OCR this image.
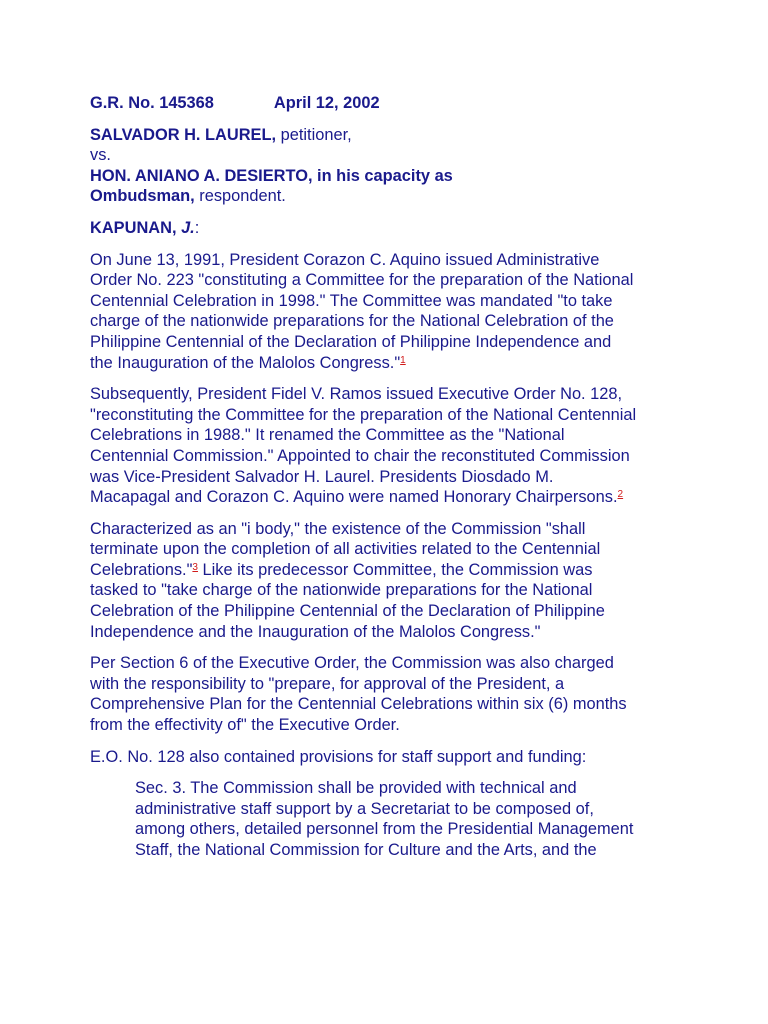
G.R. No. 145368	April 12, 2002
SALVADOR H. LAUREL, petitioner,
vs.
HON. ANIANO A. DESIERTO, in his capacity as
Ombudsman, respondent.
KAPUNAN, J.:

On June 13, 1991, President Corazon C. Aquino issued Administrative
Order No. 223 "constituting a Committee for the preparation of the National
Centennial Celebration in 1998." The Committee was mandated "to take
charge of the nationwide preparations for the National Celebration of the
Philippine Centennial of the Declaration of Philippine Independence and
the Inauguration of the Malolos Congress."$^1$

Subsequently, President Fidel V. Ramos issued Executive Order No. 128,
"reconstituting the Committee for the preparation of the National Centennial
Celebrations in 1988." It renamed the Committee as the "National
Centennial Commission." Appointed to chair the reconstituted Commission
was Vice-President Salvador H. Laurel. Presidents Diosdado M.
Macapagal and Corazon C. Aquino were named Honorary Chairpersons.$^2$

Characterized as an "i body," the existence of the Commission "shall
terminate upon the completion of all activities related to the Centennial
Celebrations."$^3$ Like its predecessor Committee, the Commission was
tasked to "take charge of the nationwide preparations for the National
Celebration of the Philippine Centennial of the Declaration of Philippine
Independence and the Inauguration of the Malolos Congress."

Per Section 6 of the Executive Order, the Commission was also charged
with the responsibility to "prepare, for approval of the President, a
Comprehensive Plan for the Centennial Celebrations within six (6) months
from the effectivity of" the Executive Order.

E.O. No. 128 also contained provisions for staff support and funding:

Sec. 3. The Commission shall be provided with technical and
administrative staff support by a Secretariat to be composed of,
among others, detailed personnel from the Presidential Management
Staff, the National Commission for Culture and the Arts, and the
